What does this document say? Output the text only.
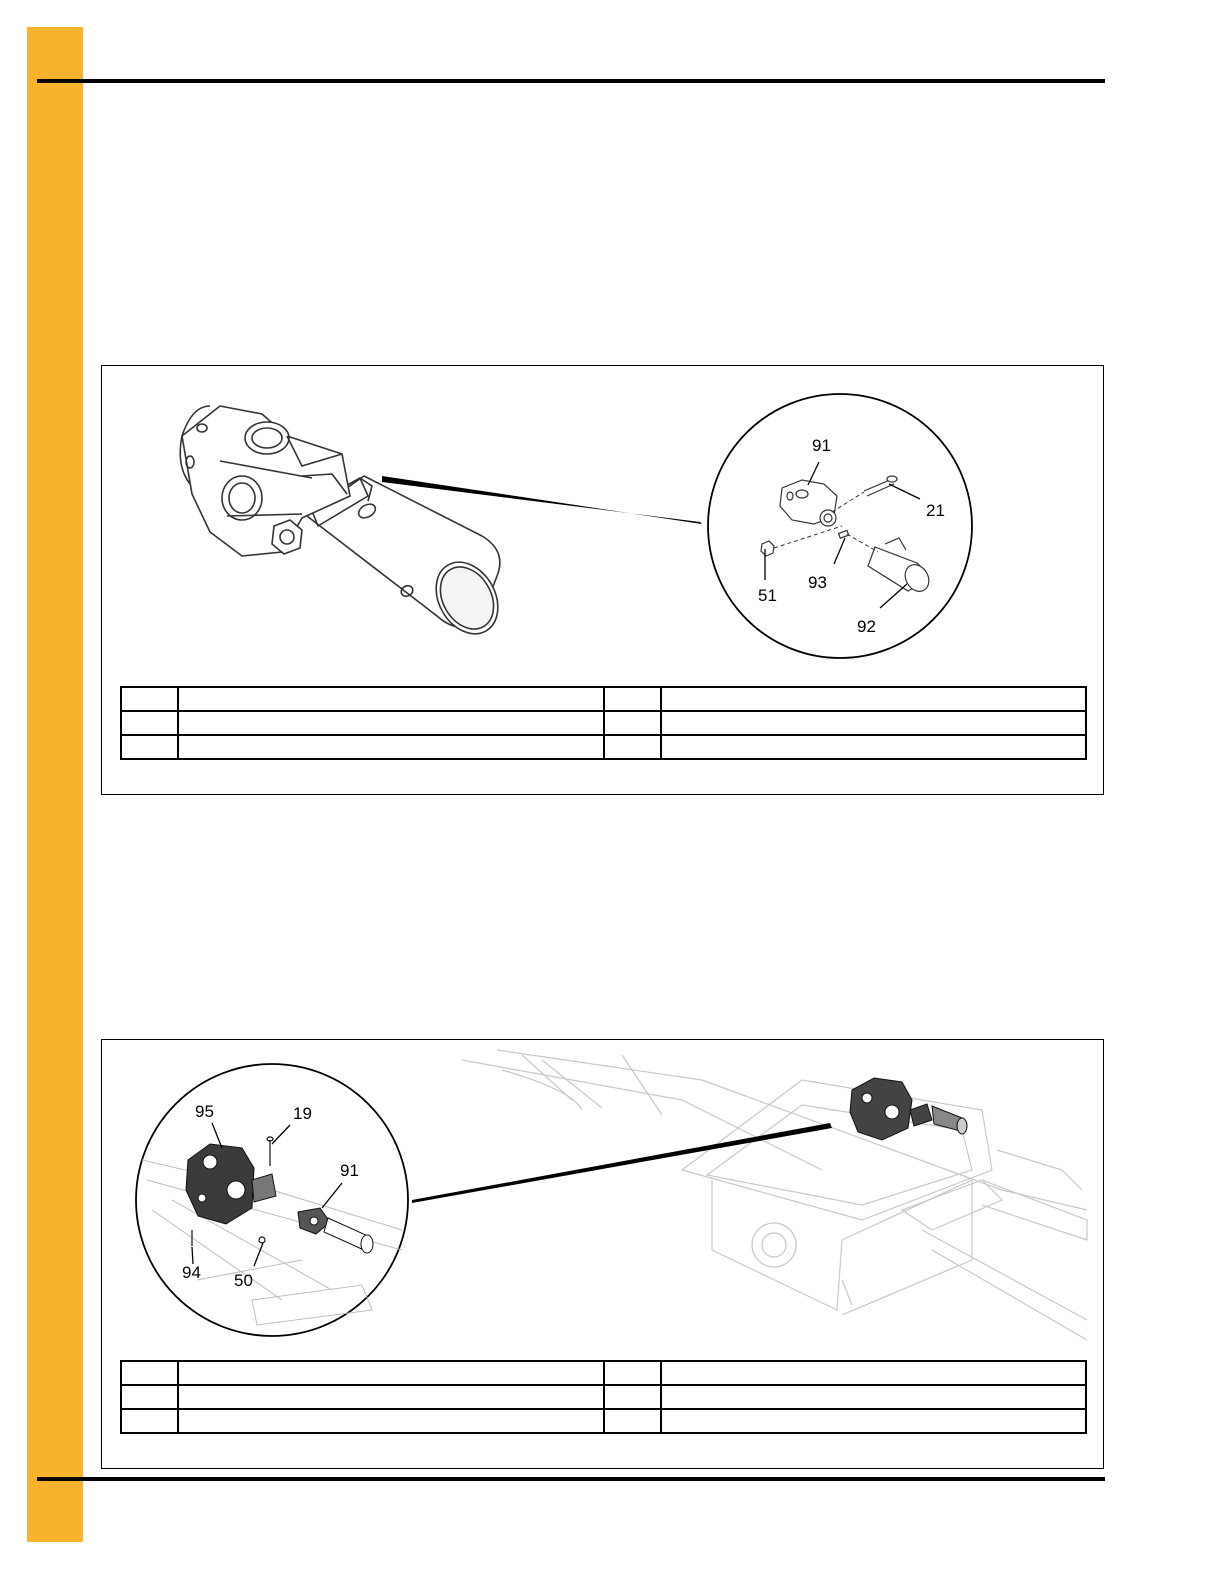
91
21
51
93
92

95	19
91
94 50
